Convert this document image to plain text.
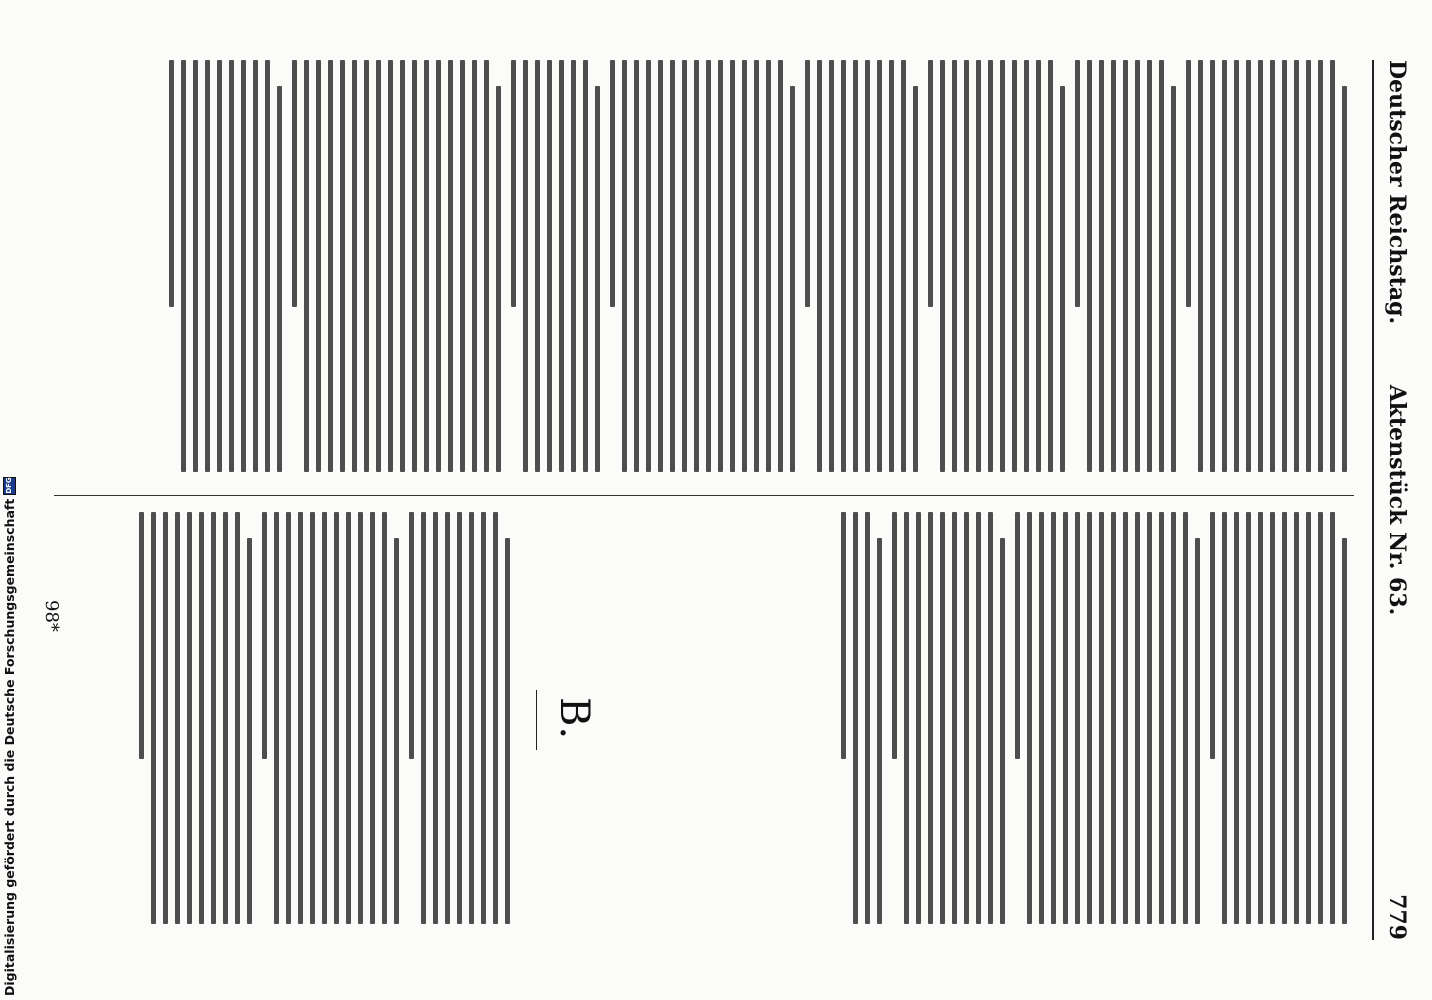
Deutscher Reichstag.
Aktenstück Nr. 63.
779
B.
98*
Digitalisierung gefördert durch die Deutsche Forschungsgemeinschaft
DFG
